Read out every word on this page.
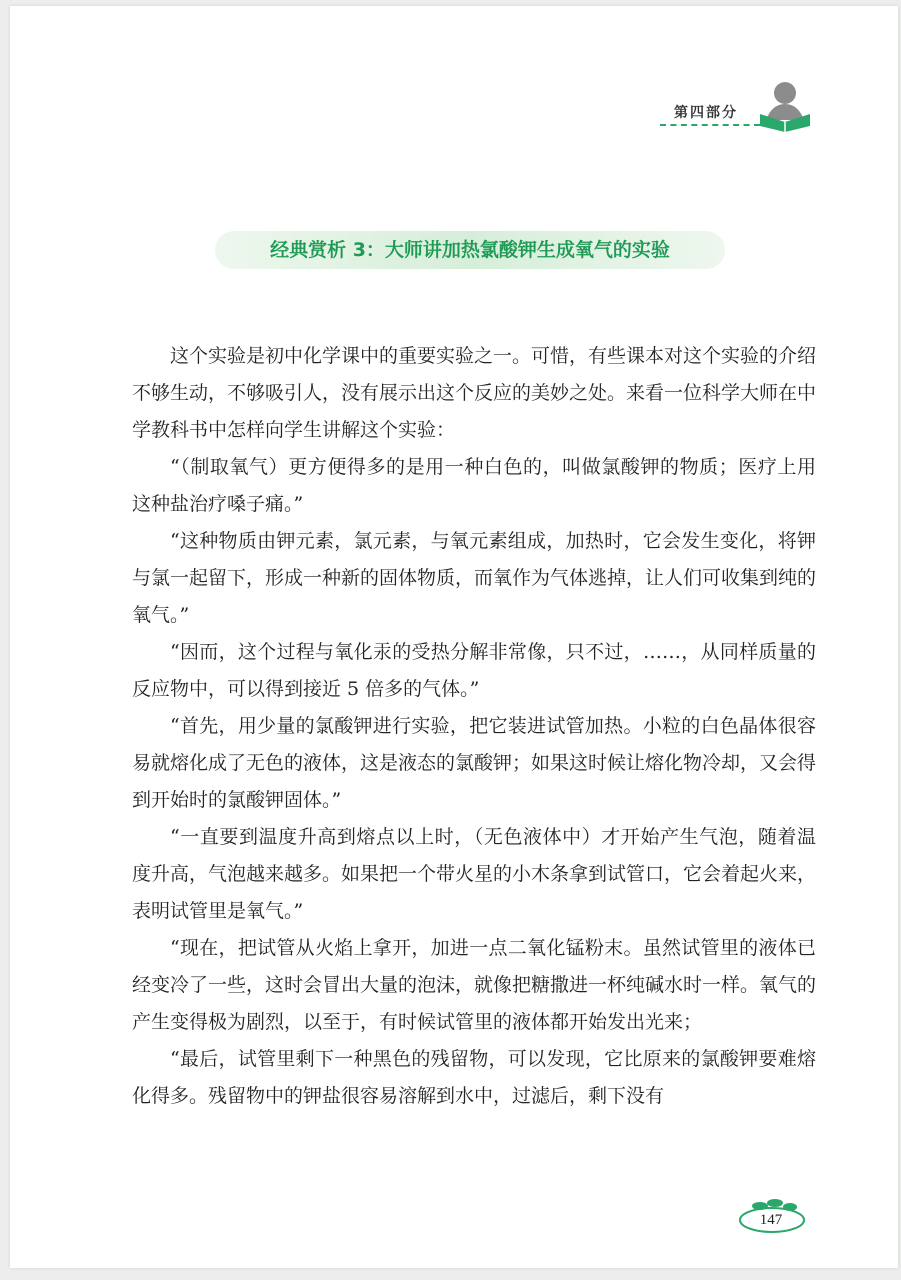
第四部分
经典赏析 3：大师讲加热氯酸钾生成氧气的实验

这个实验是初中化学课中的重要实验之一。可惜，有些课本对这个实验的介绍不够生动，不够吸引人，没有展示出这个反应的美妙之处。来看一位科学大师在中学教科书中怎样向学生讲解这个实验：

“（制取氧气）更方便得多的是用一种白色的，叫做氯酸钾的物质；医疗上用这种盐治疗嗓子痛。”

“这种物质由钾元素，氯元素，与氧元素组成，加热时，它会发生变化，将钾与氯一起留下，形成一种新的固体物质，而氧作为气体逃掉，让人们可收集到纯的氧气。”

“因而，这个过程与氧化汞的受热分解非常像，只不过，……，从同样质量的反应物中，可以得到接近 5 倍多的气体。”

“首先，用少量的氯酸钾进行实验，把它装进试管加热。小粒的白色晶体很容易就熔化成了无色的液体，这是液态的氯酸钾；如果这时候让熔化物冷却，又会得到开始时的氯酸钾固体。”

“一直要到温度升高到熔点以上时，（无色液体中）才开始产生气泡，随着温度升高，气泡越来越多。如果把一个带火星的小木条拿到试管口，它会着起火来，表明试管里是氧气。”

“现在，把试管从火焰上拿开，加进一点二氧化锰粉末。虽然试管里的液体已经变冷了一些，这时会冒出大量的泡沫，就像把糖撒进一杯纯碱水时一样。氧气的产生变得极为剧烈，以至于，有时候试管里的液体都开始发出光来；

“最后，试管里剩下一种黑色的残留物，可以发现，它比原来的氯酸钾要难熔化得多。残留物中的钾盐很容易溶解到水中，过滤后，剩下没有

147
